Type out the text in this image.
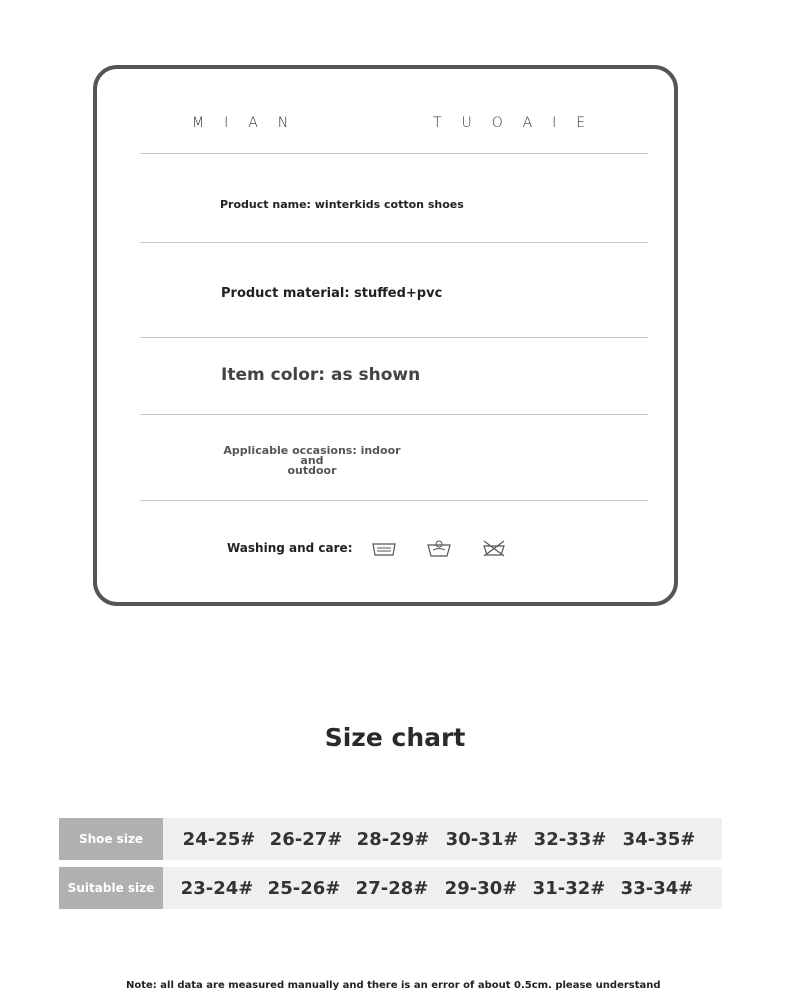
MIAN	TUOAIE
Product name: winterkids cotton shoes
Product material: stuffed+pvc
Item color: as shown
Applicable occasions: indoor and
outdoor
Washing and care:
Size chart
Shoe size	24-25# 26-27# 28-29# 30-31# 32-33# 34-35#
Suitable size	23-24# 25-26# 27-28# 29-30# 31-32# 33-34#
Note: all data are measured manually and there is an error of about 0.5cm. please understand
